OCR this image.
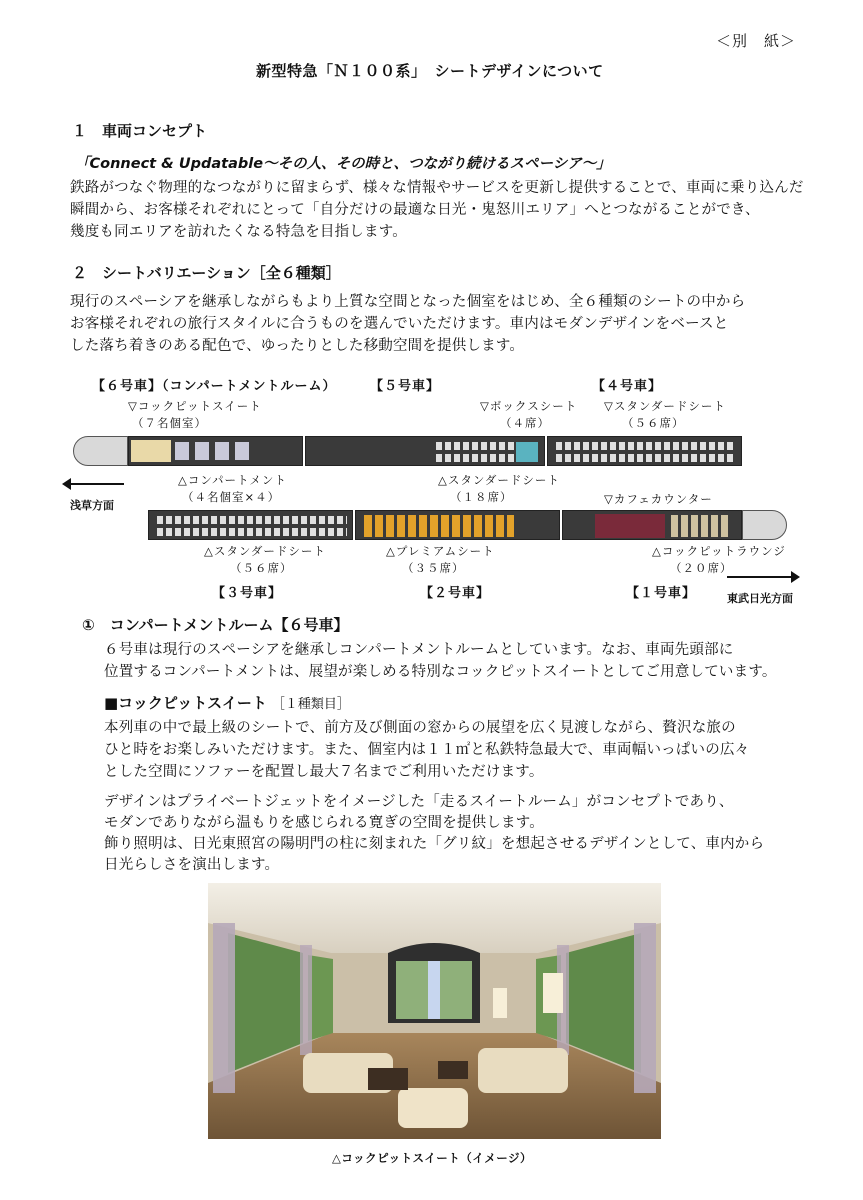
＜別　紙＞
新型特急「Ｎ１００系」　シートデザインについて
１　車両コンセプト
「Connect & Updatable～その人、その時と、つながり続けるスペーシア～」
鉄路がつなぐ物理的なつながりに留まらず、様々な情報やサービスを更新し提供することで、車両に乗り込んだ
瞬間から、お客様それぞれにとって「自分だけの最適な日光・鬼怒川エリア」へとつながることができ、
幾度も同エリアを訪れたくなる特急を目指します。
２　シートバリエーション［全６種類］
現行のスペーシアを継承しながらもより上質な空間となった個室をはじめ、全６種類のシートの中から
お客様それぞれの旅行スタイルに合うものを選んでいただけます。車内はモダンデザインをベースと
した落ち着きのある配色で、ゆったりとした移動空間を提供します。
【６号車】（コンパートメントルーム）	【５号車】	【４号車】
▽コックピットスイート
（７名個室）
▽ボックスシート
（４席）
▽スタンダードシート
（５６席）
△コンパートメント
（４名個室×４）
△スタンダードシート
（１８席）	▽カフェカウンター
浅草方面
△スタンダードシート
（５６席）
△プレミアムシート
（３５席）
△コックピットラウンジ
（２０席）
【３号車】	【２号車】	【１号車】	東武日光方面
①　コンパートメントルーム【６号車】
６号車は現行のスペーシアを継承しコンパートメントルームとしています。なお、車両先頭部に
位置するコンパートメントは、展望が楽しめる特別なコックピットスイートとしてご用意しています。
■コックピットスイート ［１種類目］
本列車の中で最上級のシートで、前方及び側面の窓からの展望を広く見渡しながら、贅沢な旅の
ひと時をお楽しみいただけます。また、個室内は１１㎡と私鉄特急最大で、車両幅いっぱいの広々
とした空間にソファーを配置し最大７名までご利用いただけます。
デザインはプライベートジェットをイメージした「走るスイートルーム」がコンセプトであり、
モダンでありながら温もりを感じられる寛ぎの空間を提供します。
飾り照明は、日光東照宮の陽明門の柱に刻まれた「グリ紋」を想起させるデザインとして、車内から
日光らしさを演出します。
△コックピットスイート（イメージ）
